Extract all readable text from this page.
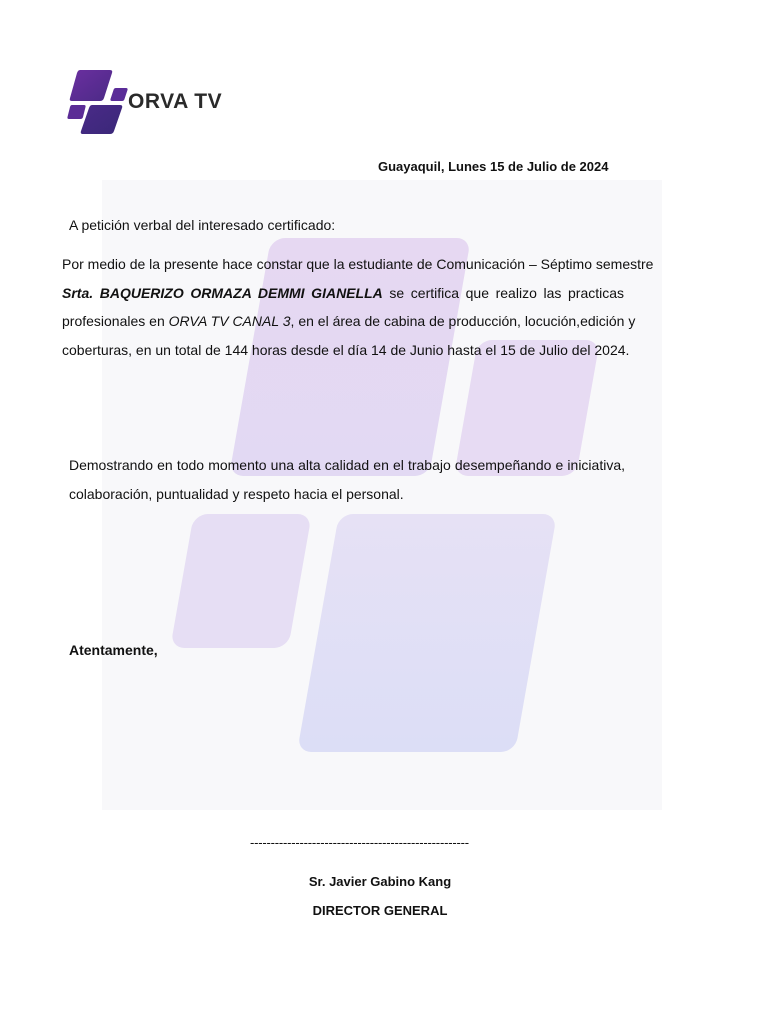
ORVA TV
Guayaquil, Lunes 15 de Julio de 2024
A petición verbal del interesado certificado:
Por medio de la presente hace constar que la estudiante de Comunicación – Séptimo semestre
Srta. BAQUERIZO ORMAZA DEMMI GIANELLA se certifica que realizo las practicas
profesionales en ORVA TV CANAL 3, en el área de cabina de producción, locución,edición y
coberturas, en un total de 144 horas desde el día 14 de Junio hasta el 15 de Julio del 2024.
Demostrando en todo momento una alta calidad en el trabajo desempeñando e iniciativa,
colaboración, puntualidad y respeto hacia el personal.
Atentamente,
-----------------------------------------------------
Sr. Javier Gabino Kang
DIRECTOR GENERAL
